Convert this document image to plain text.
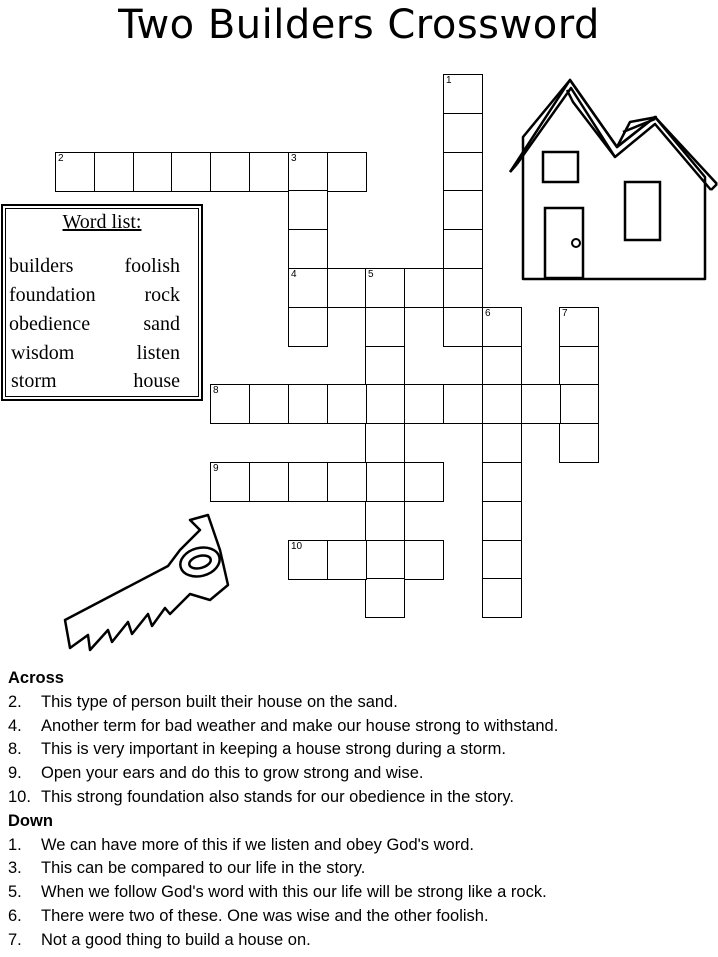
Two Builders Crossword
1
2	3
4	5
6	7
8
9
10
Word list:
builders	foolish
foundation rock
obedience	sand
wisdom	listen
storm	house
Across
2.	This type of person built their house on the sand.
4.	Another term for bad weather and make our house strong to withstand.
8.	This is very important in keeping a house strong during a storm.
9.	Open your ears and do this to grow strong and wise.
10. This strong foundation also stands for our obedience in the story.
Down
1.	We can have more of this if we listen and obey God's word.
3.	This can be compared to our life in the story.
5.	When we follow God's word with this our life will be strong like a rock.
6.	There were two of these. One was wise and the other foolish.
7.	Not a good thing to build a house on.
